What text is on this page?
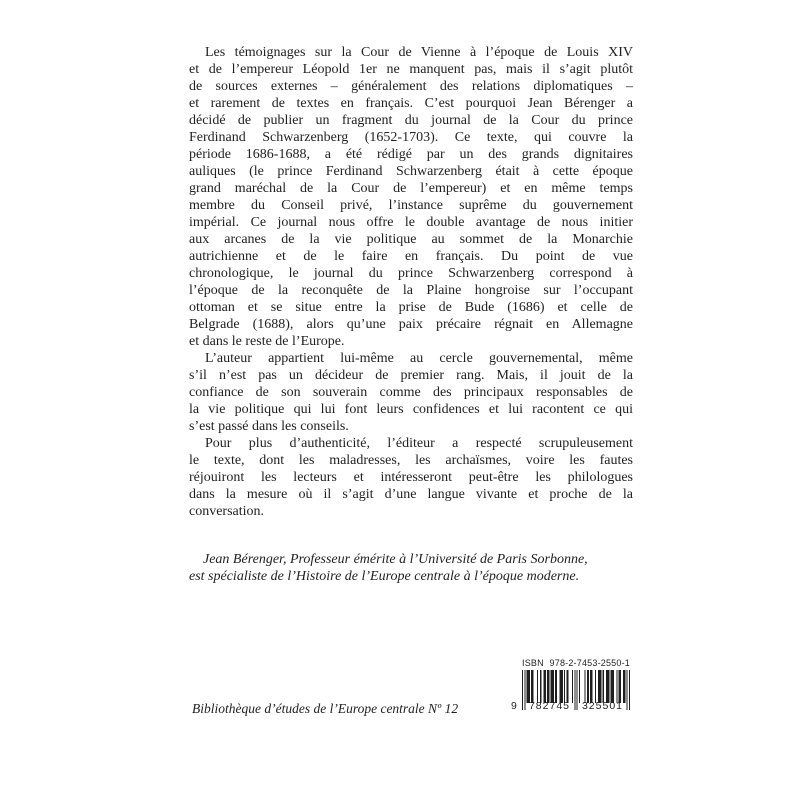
Les témoignages sur la Cour de Vienne à l’époque de Louis XIV
et de l’empereur Léopold 1er ne manquent pas, mais il s’agit plutôt
de sources externes – généralement des relations diplomatiques –
et rarement de textes en français. C’est pourquoi Jean Bérenger a
décidé de publier un fragment du journal de la Cour du prince
Ferdinand Schwarzenberg (1652-1703). Ce texte, qui couvre la
période 1686-1688, a été rédigé par un des grands dignitaires
auliques (le prince Ferdinand Schwarzenberg était à cette époque
grand maréchal de la Cour de l’empereur) et en même temps
membre du Conseil privé, l’instance suprême du gouvernement
impérial. Ce journal nous offre le double avantage de nous initier
aux arcanes de la vie politique au sommet de la Monarchie
autrichienne et de le faire en français. Du point de vue
chronologique, le journal du prince Schwarzenberg correspond à
l’époque de la reconquête de la Plaine hongroise sur l’occupant
ottoman et se situe entre la prise de Bude (1686) et celle de
Belgrade (1688), alors qu’une paix précaire régnait en Allemagne
et dans le reste de l’Europe.
L’auteur appartient lui-même au cercle gouvernemental, même
s’il n’est pas un décideur de premier rang. Mais, il jouit de la
confiance de son souverain comme des principaux responsables de
la vie politique qui lui font leurs confidences et lui racontent ce qui
s’est passé dans les conseils.
Pour plus d’authenticité, l’éditeur a respecté scrupuleusement
le texte, dont les maladresses, les archaïsmes, voire les fautes
réjouiront les lecteurs et intéresseront peut-être les philologues
dans la mesure où il s’agit d’une langue vivante et proche de la
conversation.
Jean Bérenger, Professeur émérite à l’Université de Paris Sorbonne,
est spécialiste de l’Histoire de l’Europe centrale à l’époque moderne.
Bibliothèque d’études de l’Europe centrale Nº 12
ISBN 978-2-7453-2550-1
9 782745 325501
